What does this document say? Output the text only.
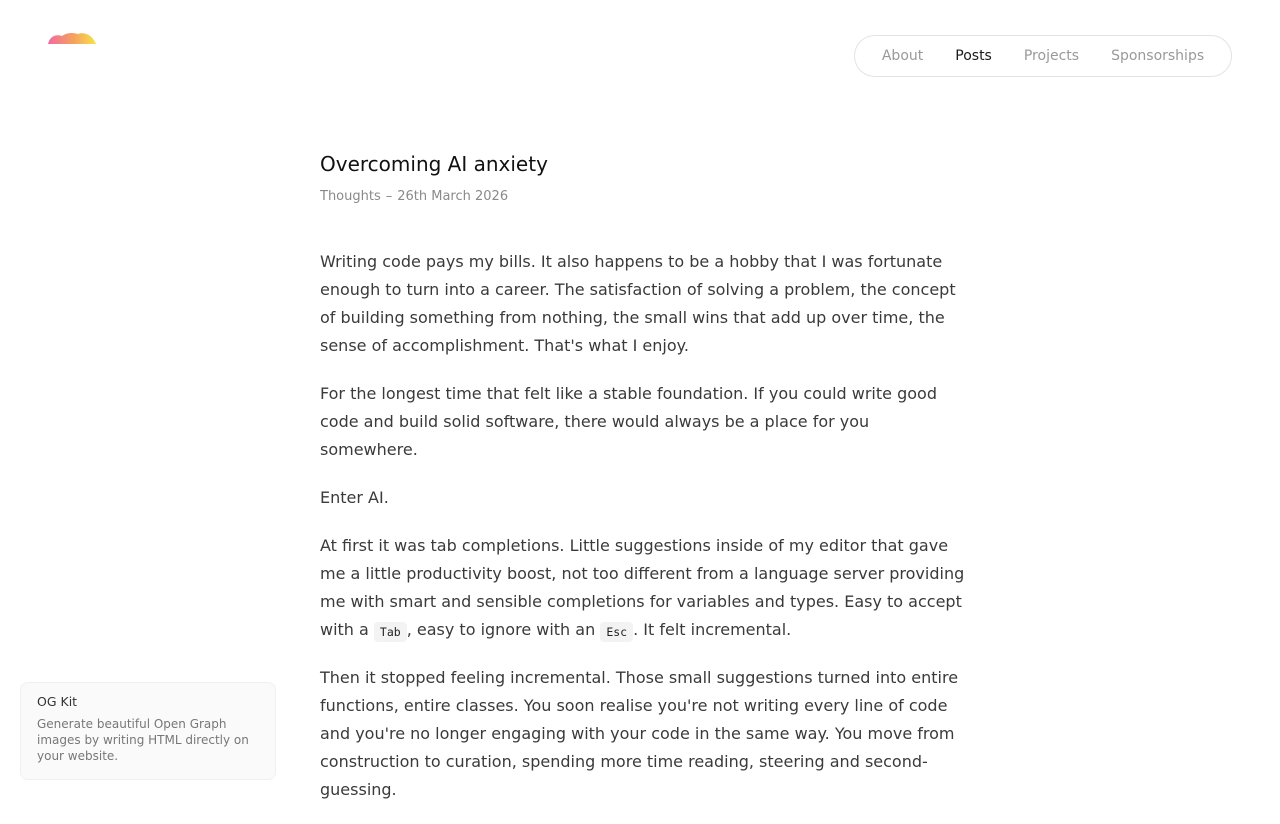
About Posts Projects Sponsorships
Overcoming AI anxiety
Thoughts – 26th March 2026

Writing code pays my bills. It also happens to be a hobby that I was fortunate enough to turn into a career. The satisfaction of solving a problem, the concept of building something from nothing, the small wins that add up over time, the sense of accomplishment. That's what I enjoy.

For the longest time that felt like a stable foundation. If you could write good code and build solid software, there would always be a place for you somewhere.

Enter AI.

At first it was tab completions. Little suggestions inside of my editor that gave me a little productivity boost, not too different from a language server providing me with smart and sensible completions for variables and types. Easy to accept with a Tab , easy to ignore with an Esc . It felt incremental.

Then it stopped feeling incremental. Those small suggestions turned into entire functions, entire classes. You soon realise you're not writing every line of code and you're no longer engaging with your code in the same way. You move from construction to curation, spending more time reading, steering and second-guessing.

OG Kit
Generate beautiful Open Graph images by writing HTML directly on your website.
